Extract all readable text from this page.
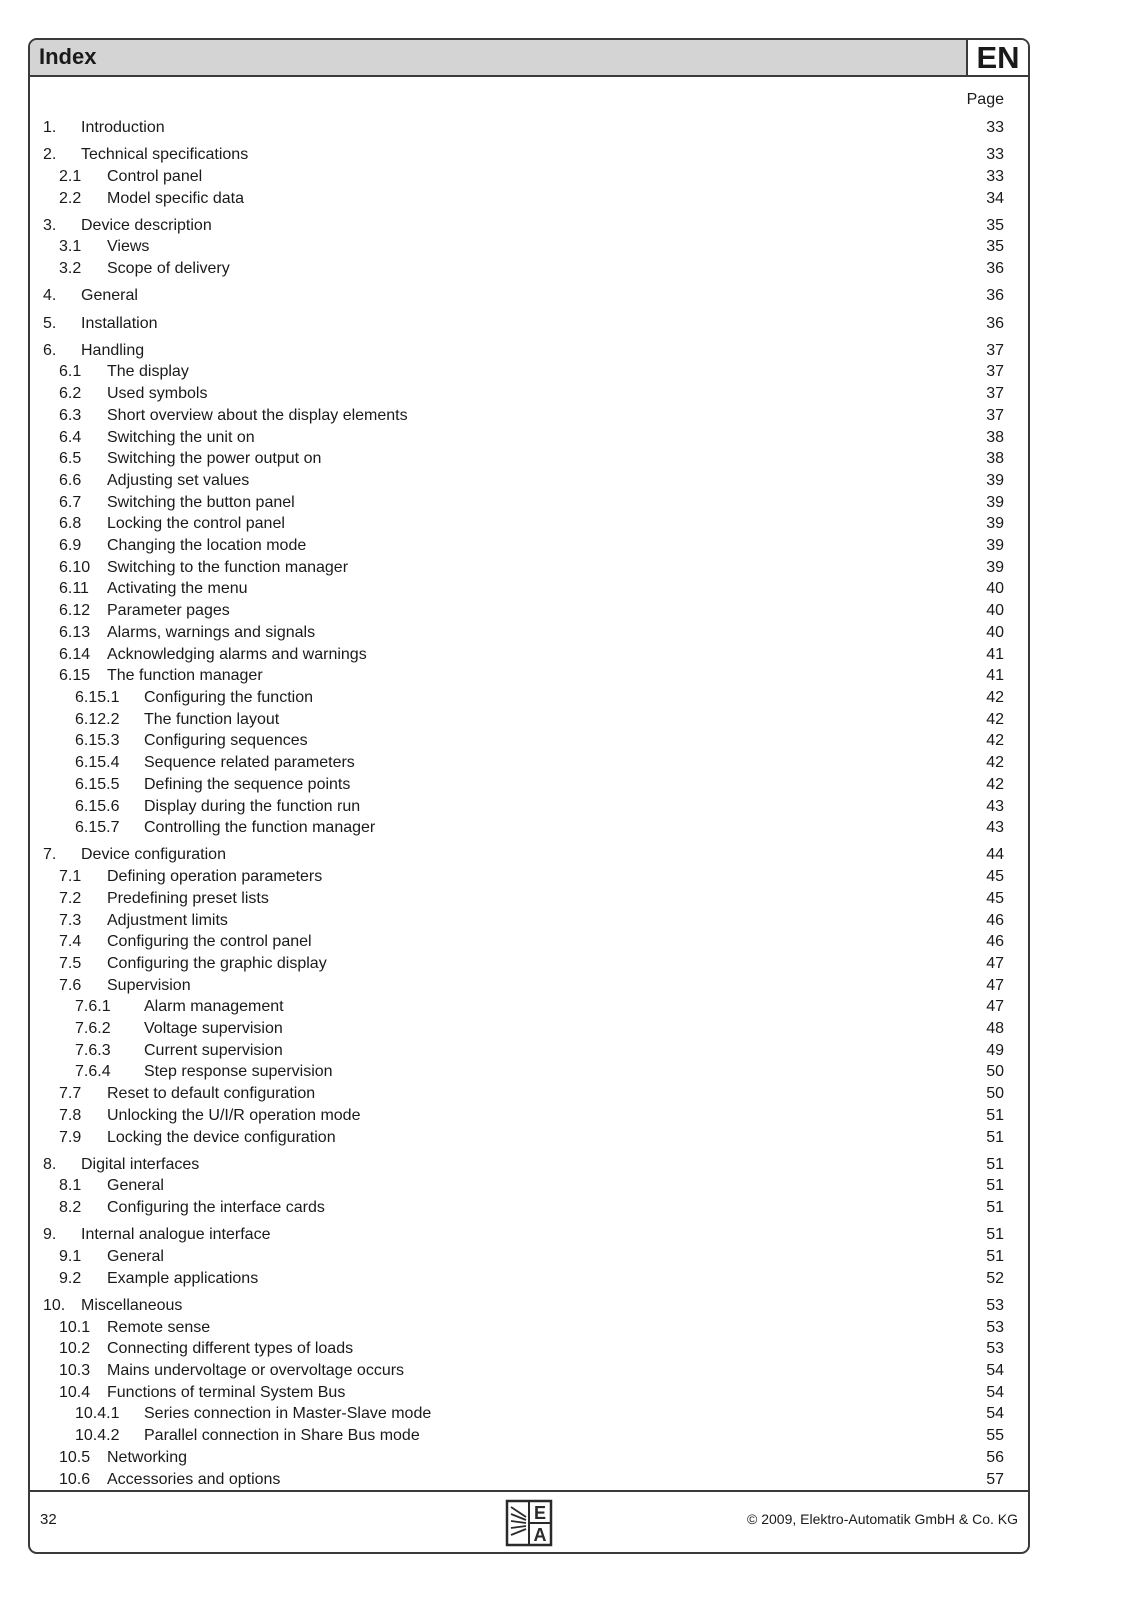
Index	EN
Page
1. Introduction	33
2. Technical specifications	33
2.1 Control panel	33
2.2 Model specific data	34
3. Device description	35
3.1 Views	35
3.2 Scope of delivery	36
4. General	36
5. Installation	36
6. Handling	37
6.1 The display	37
6.2 Used symbols	37
6.3 Short overview about the display elements	37
6.4 Switching the unit on	38
6.5 Switching the power output on	38
6.6 Adjusting set values	39
6.7 Switching the button panel	39
6.8 Locking the control panel	39
6.9 Changing the location mode	39
6.10 Switching to the function manager	39
6.11 Activating the menu	40
6.12 Parameter pages	40
6.13 Alarms, warnings and signals	40
6.14 Acknowledging alarms and warnings	41
6.15 The function manager	41
6.15.1 Configuring the function	42
6.12.2 The function layout	42
6.15.3 Configuring sequences	42
6.15.4 Sequence related parameters	42
6.15.5 Defining the sequence points	42
6.15.6 Display during the function run	43
6.15.7 Controlling the function manager	43
7. Device configuration	44
7.1 Defining operation parameters	45
7.2 Predefining preset lists	45
7.3 Adjustment limits	46
7.4 Configuring the control panel	46
7.5 Configuring the graphic display	47
7.6 Supervision	47
7.6.1 Alarm management	47
7.6.2 Voltage supervision	48
7.6.3 Current supervision	49
7.6.4 Step response supervision	50
7.7 Reset to default configuration	50
7.8 Unlocking the U/I/R operation mode	51
7.9 Locking the device configuration	51
8. Digital interfaces	51
8.1 General	51
8.2 Configuring the interface cards	51
9. Internal analogue interface	51
9.1 General	51
9.2 Example applications	52
10. Miscellaneous	53
10.1 Remote sense	53
10.2 Connecting different types of loads	53
10.3 Mains undervoltage or overvoltage occurs	54
10.4 Functions of terminal System Bus	54
10.4.1 Series connection in Master-Slave mode	54
10.4.2 Parallel connection in Share Bus mode	55
10.5 Networking	56
10.6 Accessories and options	57
32	E
A
© 2009, Elektro-Automatik GmbH & Co. KG
